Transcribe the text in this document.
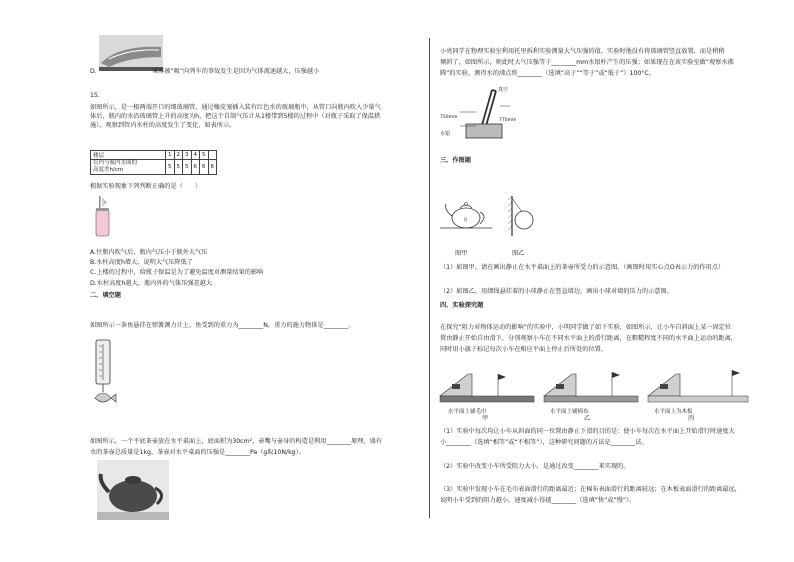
D.	乘客被“吸”向列车的事故发生是因为气体流速越大，压强越小
15.
如图所示，是一根两端开口的细玻璃管，通过橡皮塞插入装有红色水的玻璃瓶中，从管口向瓶内吹入少量气
体后，瓶内的水沿玻璃管上升的高度为h，把这个自制气压计从1楼带到5楼的过程中（对瓶子采取了保温措
施），观察到管内水柱的高度发生了变化，如表所示。
楼层	1	2	3	4	5	
管内与瓶内水面的
高度差h/cm	5	5	5	6	6	6
根据实验现象下列判断正确的是（　　）
h
A.往瓶内吹气后，瓶内气压小于瓶外大气压
B.水柱高度h增大，说明大气压降低了
C.上楼的过程中，给瓶子保温是为了避免温度对测量结果的影响
D.水柱高度h越大，瓶内外的气体压强差越大
二、填空题
如图所示一条鱼悬挂在弹簧测力计上，鱼受到的重力为________N，重力的施力物体是________。
如图所示，一个平底茶壶放在水平桌面上，底面积为30cm²，壶嘴与壶身的构造是利用________原理，盛有
水的茶壶总质量是1kg，茶壶对水平桌面的压强是________Pa（g取10N/kg）。
小亮同学在物理实验室利用托里拆利实验测量大气压强的值，实验时他没有将玻璃管竖直放置，而是稍稍
倾斜了，如图所示，则此时大气压强等于________mm水银柱产生的压强；如果现在在该实验室做“观察水沸
腾”的实验，测得水的沸点将________（选填“高于”“等于”或“低于”）100°C。
真空
750mm
770mm
水银
三、作图题
O
图甲	图乙
（1）如图甲，请在画出静止在水平桌面上的茶壶所受力的示意图。（画图时用实心点O表示力的作用点）
（2）如图乙，用细线悬挂着的小球静止在竖直墙边，画出小球对墙的压力的示意图。
四、实验探究题
在探究“阻力对物体运动的影响”的实验中，小明同学做了如下实验，如图所示，让小车自斜面上某一固定位
置由静止开始自由滑下，分别观察小车在不同水平面上的滑行距离，在粗糙程度不同的水平面上运动的距离，
同时用小旗子标记每次小车在相应平面上停止后所处的位置。
水平面上铺毛巾	水平面上铺棉布	水平面上为木板
甲	乙	丙
（1）实验中每次均让小车从斜面的同一位置由静止下滑的目的是：使小车每次在水平面上开始滑行时速度大
小________（选填“相等”或“不相等”），这种研究问题的方法是________法。
（2）实验中改变小车所受阻力大小，是通过改变________来实现的。
（3）实验中发现小车在毛巾表面滑行的距离最近；在棉布表面滑行的距离较远；在木板表面滑行的距离最远，
说明小车受到的阻力越小，速度减小得越________（选填“快”或“慢”）。
